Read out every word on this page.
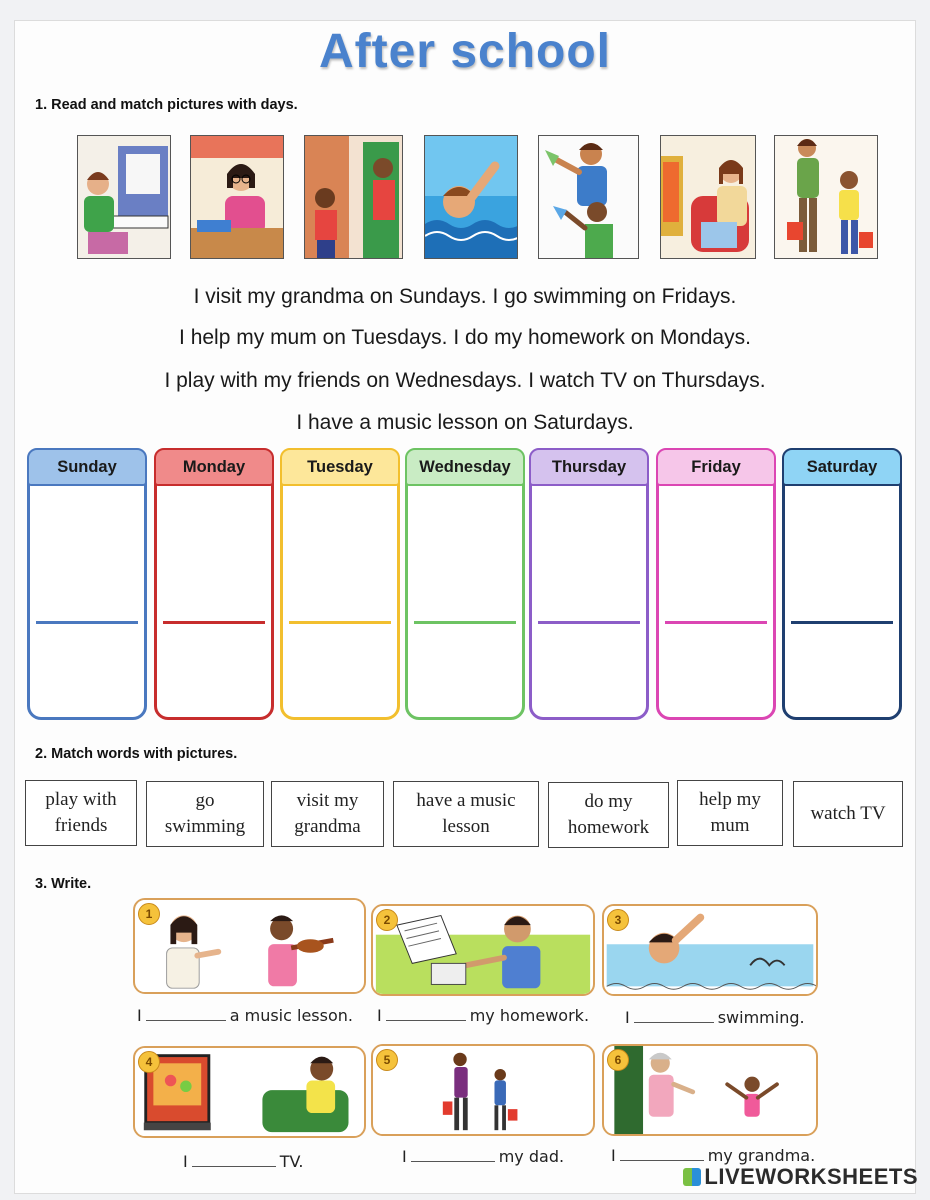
After school
1. Read and match pictures with days.
I visit my grandma on Sundays. I go swimming on Fridays.
I help my mum on Tuesdays. I do my homework on Mondays.
I play with my friends on Wednesdays. I watch TV on Thursdays.
I have a music lesson on Saturdays.
Sunday	Monday	Tuesday	Wednesday	Thursday	Friday	Saturday
2. Match words with pictures.
play with
friends
go
swimming
visit my
grandma
have a music
lesson
do my
homework
help my
mum
watch TV
3. Write.
1	2	3
4	5	6
I	a music lesson. I	my homework. I	swimming.
I	TV.	I	my dad.	I	my grandma.
LIVEWORKSHEETS
